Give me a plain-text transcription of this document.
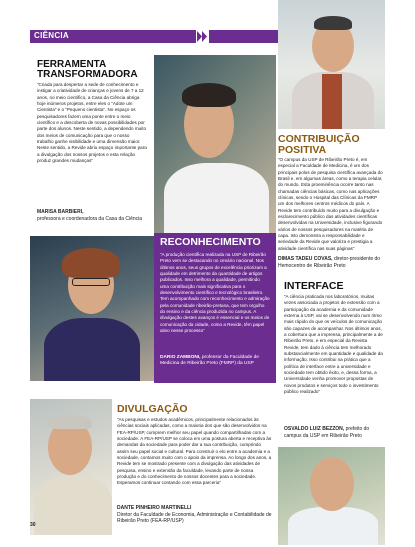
CIÊNCIA
FERRAMENTA TRANSFORMADORA
“Criada para despertar a sede de conhecimento e instigar a criatividade de crianças e jovens de 7 a 12 anos, no meio científico, a Casa da Ciência abriga hoje inúmeros projetos, entre eles o “Adote um Cientista” e o “Pequeno cientista”. No espaço os pesquisadores fazem uma ponte entre o meio científico e a descoberta de novas possibilidades por parte dos alunos. Neste sentido, a dependendo muito dos meios de comunicação para que o nosso trabalho ganhe visibilidade e uma dimensão maior. Neste sentido, a Revide abriu espaço importante para a divulgação dos nossos projetos e esta relação produz grandes mudanças”
MARISA BARBIERI,
professora e coordenadora da Casa da Ciência
CONTRIBUIÇÃO POSITIVA
“O campus da USP de Ribeirão Preto é, em especial a Faculdade de Medicina, é um dos principais polos de pesquisa científica avançada do Brasil e, em algumas áreas, como a terapia celular, do mundo. Esta proeminência ocorre tanto nas chamadas ciências básicas, como nas aplicações clínicas, sendo o Hospital das Clínicas da FMRP um dos melhores centros médicos do país. A Revide tem contribuído muito para a divulgação e esclarecimento público das atividades científicas desenvolvidas na Universidade, inclusive figurando vários de nossos pesquisadores na matéria de capa. Isto demonstra a responsabilidade e seriedade da Revide que valoriza e prestigia a atividade científica nas suas páginas”
DIMAS TADEU COVAS, diretor-presidente do Hemocentro de Ribeirão Preto
RECONHECIMENTO
“A produção científica realizada na USP de Ribeirão Preto vem se destacando no cenário nacional. Nos últimos anos, seus grupos de excelência priorizam a qualidade em detrimento da quantidade de artigos publicados. Isso melhora a qualidade, permitindo uma contribuição mais significativa para o desenvolvimento científico e tecnológico brasileiro. Tem acompanhado com reconhecimento e admiração pela comunidade ribeirão-pretana, que tem orgulho do ensino e da ciência produzida no campus. A divulgação destes avanços é essencial e os meios de comunicação da cidade, como a Revide, têm papel ativo nesse processo”
DARIO ZAMBONI, professor da Faculdade de Medicina de Ribeirão Preto (FMRP) da USP
INTERFACE
“A ciência praticada nos laboratórios, muitas vezes associada a projetos de extensão com a participação da academia e da comunidade externa à USP, vai se desenvolvendo num ritmo mais rápido do que os veículos de comunicação são capazes de acompanhar. Nos últimos anos, a cobertura que a imprensa, principalmente a de Ribeirão Preto, e em especial da Revista Revide, tem dado à ciência tem melhorado substancialmente em quantidade e qualidade da informação. Isso contribui na prática que a política de interface entre a universidade e sociedade tem obtido êxito, e, dessa forma, a Universidade venha promover propostas de novos produtos e serviços todo o investimento público realizado”
OSVALDO LUIZ BEZZON, prefeito do campus da USP em Ribeirão Preto
DIVULGAÇÃO
“As pesquisas e estudos acadêmicos, principalmente relacionados às ciências sociais aplicadas, como a maioria dos que são desenvolvidos na FEA-RP/USP, cumprem melhor seu papel quando compartilhadas com a sociedade. A FEA-RP/USP se coloca em uma postura aberta e receptiva às demandas da sociedade para poder dar a sua contribuição, cumprindo assim seu papel social e cultural. Para construir o elo entre a academia e a sociedade, contamos muito com o apoio da imprensa. Ao longo dos anos, a Revide tem se mostrado presente com a divulgação das atividades de pesquisa, ensino e extensão da faculdade, levando parte de nossa produção e do conhecimento de nossos docentes para a sociedade. Esperamos continuar contando com essa parceria”
DANTE PINHEIRO MARTINELLI
Diretor da Faculdade de Economia, Administração e Contabilidade de Ribeirão Preto (FEA-RP/USP)
30
